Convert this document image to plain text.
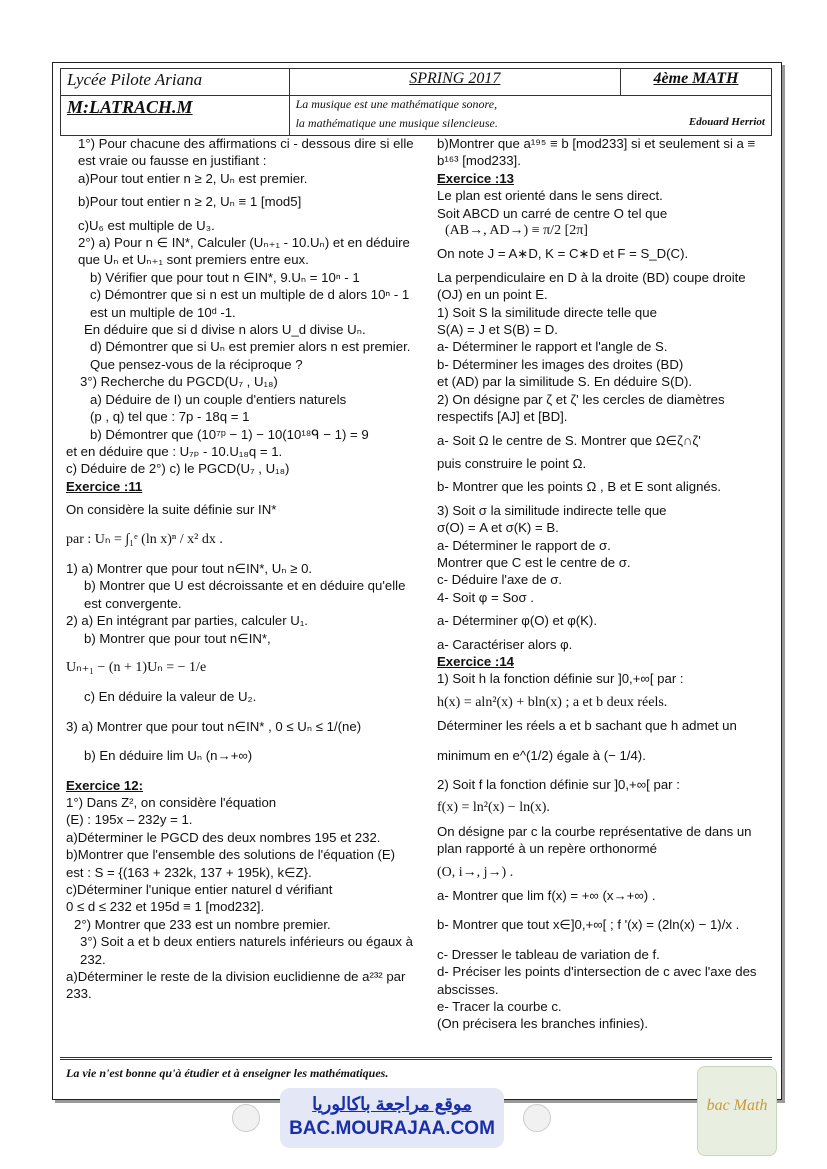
Lycée Pilote Ariana	SPRING 2017	4ème MATH
M:LATRACH.M	La musique est une mathématique sonore,	
	la mathématique une musique silencieuse.	Edouard Herriot

1°) Pour chacune des affirmations ci - dessous dire si elle est vraie ou fausse en justifiant :

a)Pour tout entier n ≥ 2, Uₙ est premier.

b)Pour tout entier n ≥ 2, Uₙ ≡ 1 [mod5]

c)U₆ est multiple de U₃.

2°) a) Pour n ∈ IN*, Calculer (Uₙ₊₁ - 10.Uₙ) et en déduire que Uₙ et Uₙ₊₁ sont premiers entre eux.

b) Vérifier que pour tout n ∈IN*, 9.Uₙ = 10ⁿ - 1

c) Démontrer que si n est un multiple de d alors 10ⁿ - 1 est un multiple de 10ᵈ -1.

En déduire que si d divise n alors U_d divise Uₙ.

d) Démontrer que si Uₙ est premier alors n est premier. Que pensez-vous de la réciproque ?

3°) Recherche du PGCD(U₇ , U₁₈)

a) Déduire de I) un couple d'entiers naturels

(p , q) tel que : 7p - 18q = 1

b) Démontrer que (10⁷ᵖ − 1) − 10(10¹⁸ᑫ − 1) = 9

et en déduire que : U₇ₚ - 10.U₁₈q = 1.

c) Déduire de 2°) c) le PGCD(U₇ , U₁₈)

Exercice :11

On considère la suite définie sur IN*

par : Uₙ = ∫₁ᵉ (ln x)ⁿ / x² dx .

1) a) Montrer que pour tout n∈IN*, Uₙ ≥ 0.

b) Montrer que U est décroissante et en déduire qu'elle est convergente.

2) a) En intégrant par parties, calculer U₁.

b) Montrer que pour tout n∈IN*,

Uₙ₊₁ − (n + 1)Uₙ = − 1/e

c) En déduire la valeur de U₂.

3) a) Montrer que pour tout n∈IN* , 0 ≤ Uₙ ≤ 1/(ne)

b) En déduire lim Uₙ (n→+∞)

Exercice 12:

1°) Dans Z², on considère l'équation

(E) : 195x – 232y = 1.

a)Déterminer le PGCD des deux nombres 195 et 232.

b)Montrer que l'ensemble des solutions de l'équation (E) est : S = {(163 + 232k, 137 + 195k), k∈Z}.

c)Déterminer l'unique entier naturel d vérifiant

0 ≤ d ≤ 232 et 195d ≡ 1 [mod232].

2°) Montrer que 233 est un nombre premier.

3°) Soit a et b deux entiers naturels inférieurs ou égaux à 232.

a)Déterminer le reste de la division euclidienne de a²³² par 233.

b)Montrer que a¹⁹⁵ ≡ b [mod233] si et seulement si a ≡ b¹⁶³ [mod233].

Exercice :13

Le plan est orienté dans le sens direct.

Soit ABCD un carré de centre O tel que

(AB→, AD→) ≡ π/2 [2π]

On note J = A∗D, K = C∗D et F = S_D(C).

La perpendiculaire en D à la droite (BD) coupe droite (OJ) en un point E.

1) Soit S la similitude directe telle que

S(A) = J et S(B) = D.

a- Déterminer le rapport et l'angle de S.

b- Déterminer les images des droites (BD)

et (AD) par la similitude S. En déduire S(D).

2) On désigne par ζ et ζ' les cercles de diamètres respectifs [AJ] et [BD].

a- Soit Ω le centre de S. Montrer que Ω∈ζ∩ζ'

puis construire le point Ω.

b- Montrer que les points Ω , B et E sont alignés.

3) Soit σ la similitude indirecte telle que

σ(O) = A et σ(K) = B.

a- Déterminer le rapport de σ.

Montrer que C est le centre de σ.

c- Déduire l'axe de σ.

4- Soit φ = Soσ .

a- Déterminer φ(O) et φ(K).

a- Caractériser alors φ.

Exercice :14

1) Soit h la fonction définie sur ]0,+∞[ par :

h(x) = aln²(x) + bln(x) ; a et b deux réels.

Déterminer les réels a et b sachant que h admet un

minimum en e^(1/2) égale à (− 1/4).

2) Soit f la fonction définie sur ]0,+∞[ par :

f(x) = ln²(x) − ln(x).

On désigne par c la courbe représentative de dans un plan rapporté à un repère orthonormé

(O, i→, j→) .

a- Montrer que lim f(x) = +∞ (x→+∞) .

b- Montrer que tout x∈]0,+∞[ ; f '(x) = (2ln(x) − 1)/x .

c- Dresser le tableau de variation de f.

d- Préciser les points d'intersection de c avec l'axe des abscisses.

e- Tracer la courbe c.

(On précisera les branches infinies).

La vie n'est bonne qu'à étudier et à enseigner les mathématiques.
موقع مراجعة باكالوريا
BAC.MOURAJAA.COM
bac Math
